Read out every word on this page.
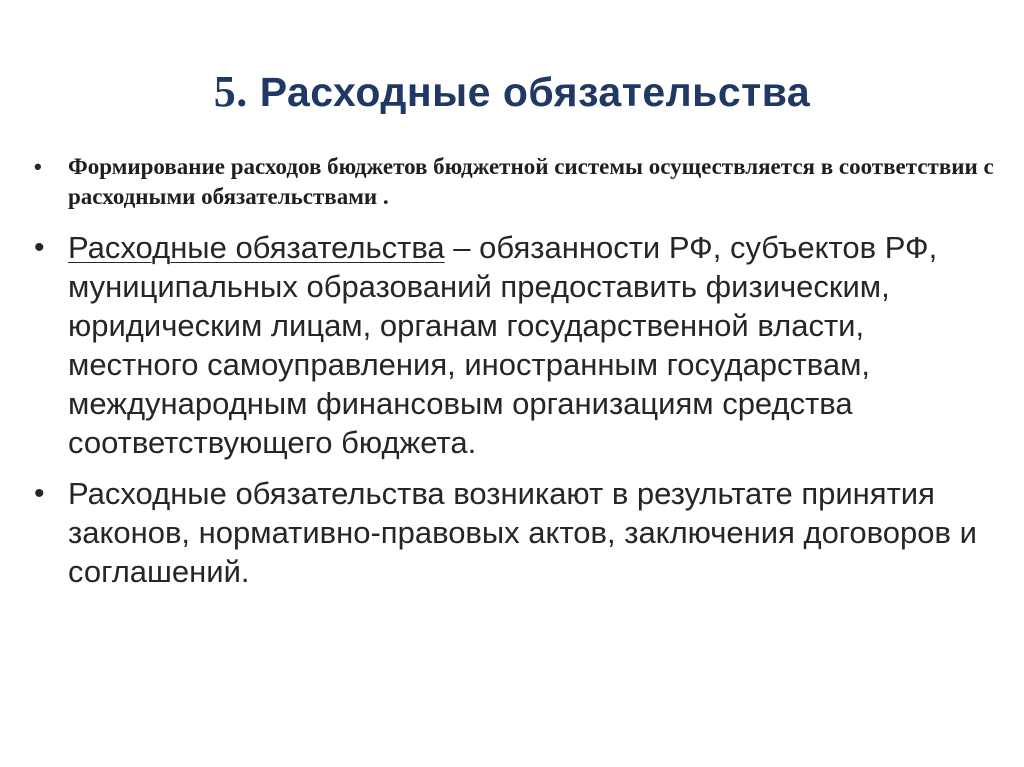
5. Расходные обязательства
• Формирование расходов бюджетов бюджетной системы осуществляется в соответствии с расходными обязательствами .
• Расходные обязательства – обязанности РФ, субъектов РФ, муниципальных образований предоставить физическим, юридическим лицам, органам государственной власти, местного самоуправления, иностранным государствам, международным финансовым организациям средства соответствующего бюджета.
• Расходные обязательства возникают в результате принятия законов, нормативно-правовых актов, заключения договоров и соглашений.
